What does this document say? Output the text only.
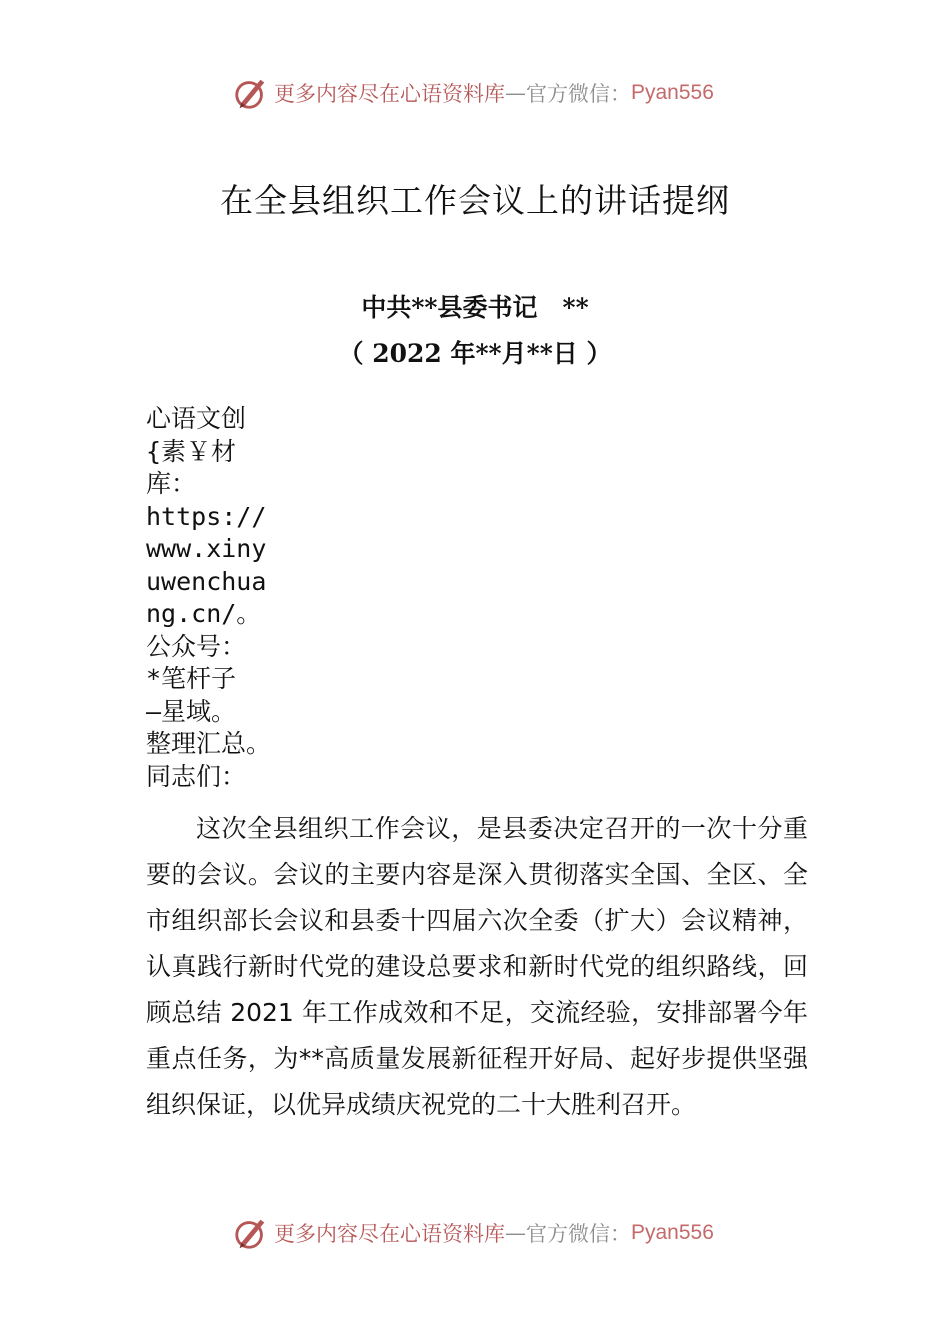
更多内容尽在心语资料库 — 官方微信： Pyan556
在全县组织工作会议上的讲话提纲
中共**县委书记　**
（ 2022 年**月**日 ）
心语文创
{素￥材
库：
https://
www.xiny
uwenchua
ng.cn/。
公众号：
*笔杆子
—星域。
整理汇总。
同志们：
这次全县组织工作会议，是县委决定召开的一次十分重要的会议。会议的主要内容是深入贯彻落实全国、全区、全市组织部长会议和县委十四届六次全委（扩大）会议精神，认真践行新时代党的建设总要求和新时代党的组织路线，回顾总结 2021 年工作成效和不足，交流经验，安排部署今年重点任务，为**高质量发展新征程开好局、起好步提供坚强组织保证，以优异成绩庆祝党的二十大胜利召开。
更多内容尽在心语资料库 — 官方微信： Pyan556
